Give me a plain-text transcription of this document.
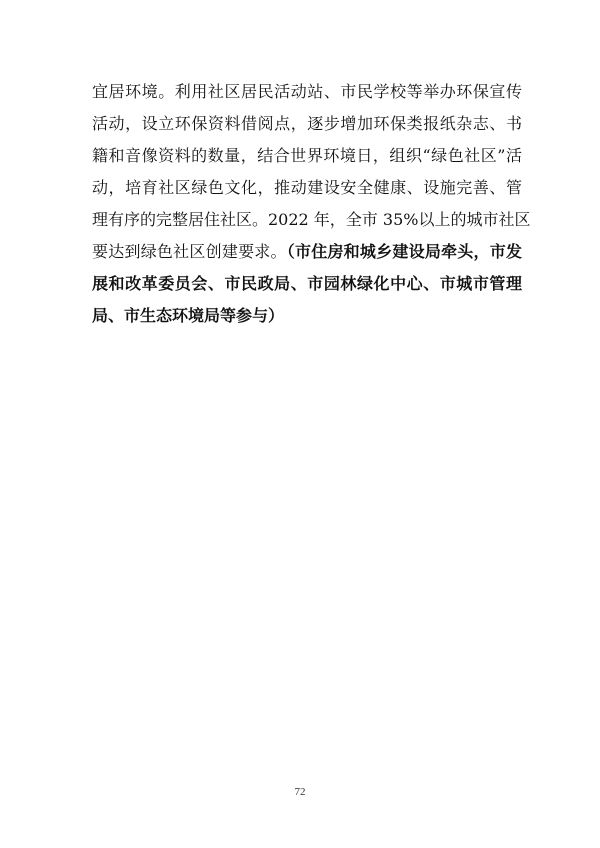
宜居环境。利用社区居民活动站、市民学校等举办环保宣传
活动，设立环保资料借阅点，逐步增加环保类报纸杂志、书
籍和音像资料的数量，结合世界环境日，组织“绿色社区”活
动，培育社区绿色文化，推动建设安全健康、设施完善、管
理有序的完整居住社区。2022 年，全市 35%以上的城市社区
要达到绿色社区创建要求。（市住房和城乡建设局牵头，市发
展和改革委员会、市民政局、市园林绿化中心、市城市管理
局、市生态环境局等参与）
72
